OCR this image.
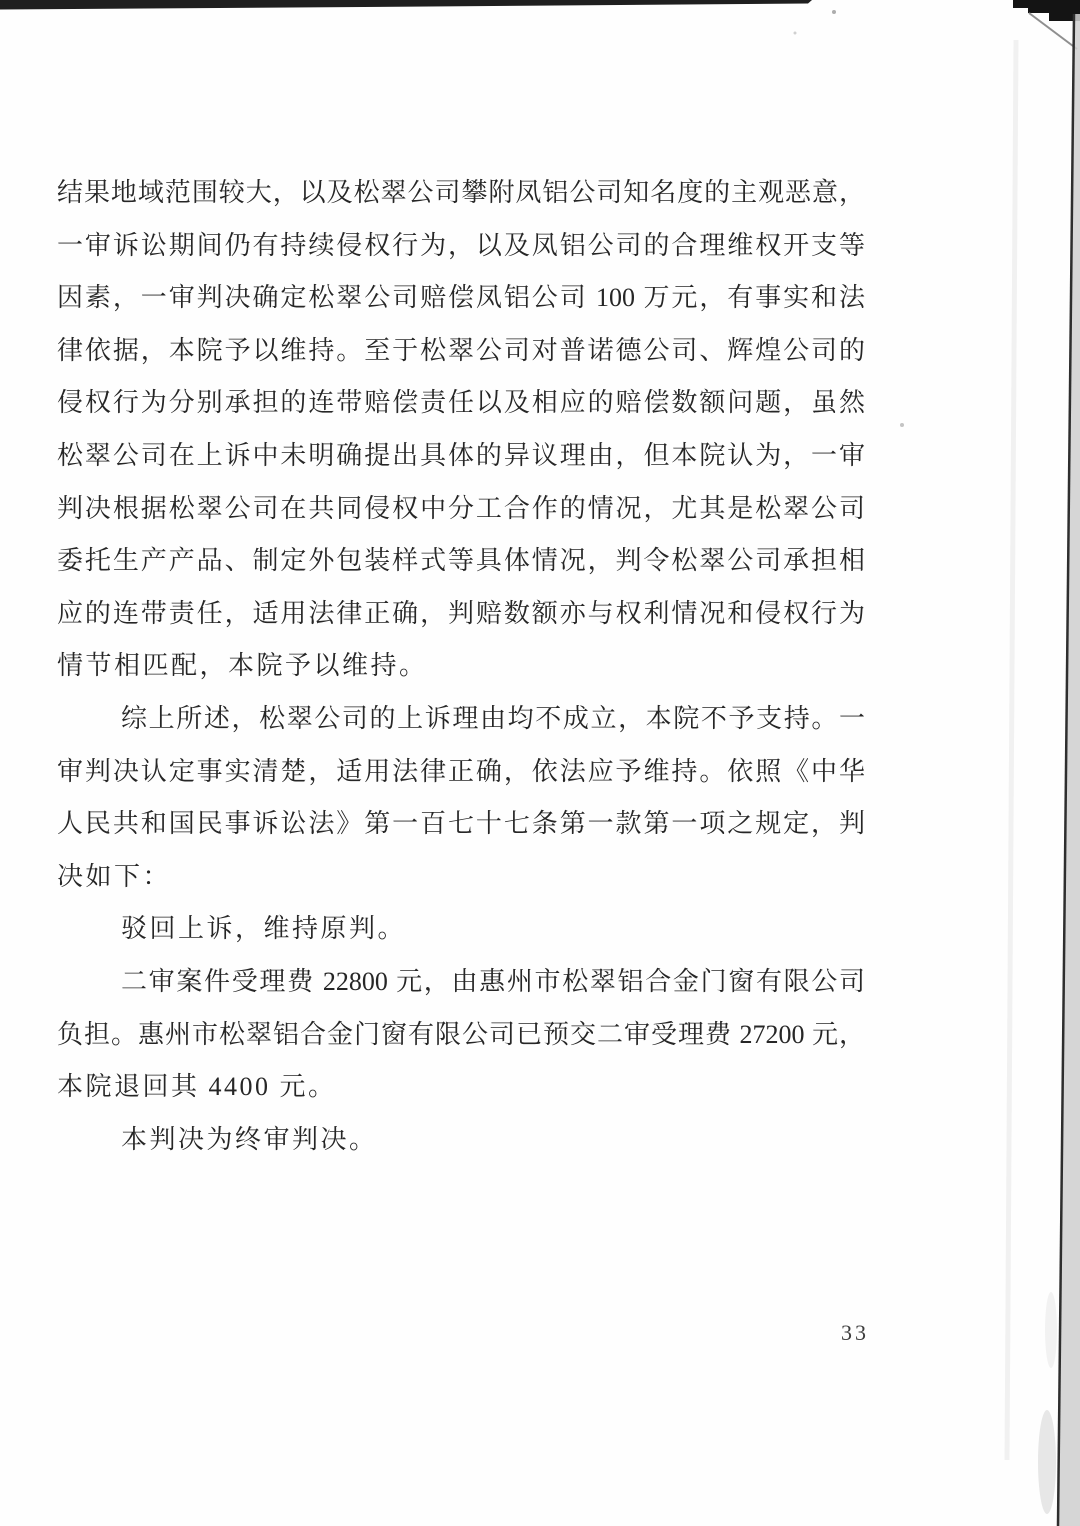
结果地域范围较大，以及松翠公司攀附凤铝公司知名度的主观恶意，

一审诉讼期间仍有持续侵权行为，以及凤铝公司的合理维权开支等

因素，一审判决确定松翠公司赔偿凤铝公司 100 万元，有事实和法

律依据，本院予以维持。至于松翠公司对普诺德公司、辉煌公司的

侵权行为分别承担的连带赔偿责任以及相应的赔偿数额问题，虽然

松翠公司在上诉中未明确提出具体的异议理由，但本院认为，一审

判决根据松翠公司在共同侵权中分工合作的情况，尤其是松翠公司

委托生产产品、制定外包装样式等具体情况，判令松翠公司承担相

应的连带责任，适用法律正确，判赔数额亦与权利情况和侵权行为

情节相匹配，本院予以维持。

综上所述，松翠公司的上诉理由均不成立，本院不予支持。一

审判决认定事实清楚，适用法律正确，依法应予维持。依照《中华

人民共和国民事诉讼法》第一百七十七条第一款第一项之规定，判

决如下：

驳回上诉，维持原判。

二审案件受理费 22800 元，由惠州市松翠铝合金门窗有限公司

负担。惠州市松翠铝合金门窗有限公司已预交二审受理费 27200 元，

本院退回其 4400 元。

本判决为终审判决。

33
